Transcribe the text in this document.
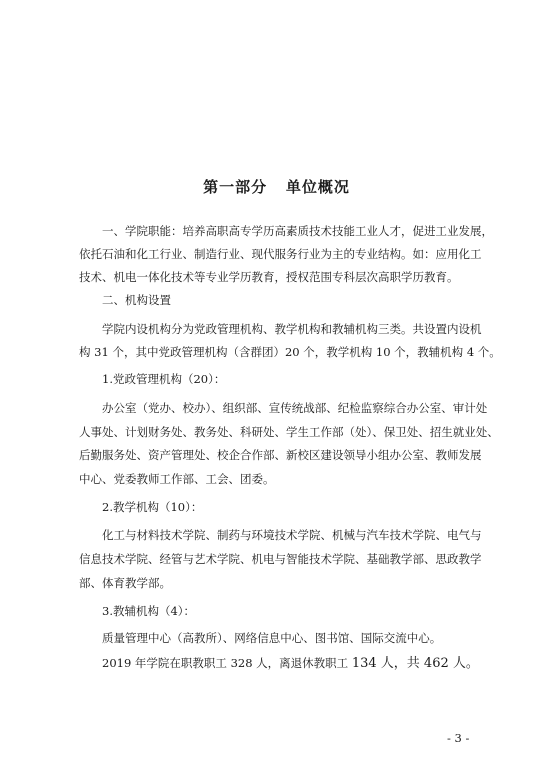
第一部分   单位概况
一、学院职能：培养高职高专学历高素质技术技能工业人才，促进工业发展，
依托石油和化工行业、制造行业、现代服务行业为主的专业结构。如：应用化工
技术、机电一体化技术等专业学历教育，授权范围专科层次高职学历教育。
二、机构设置
学院内设机构分为党政管理机构、教学机构和教辅机构三类。共设置内设机
构 31 个，其中党政管理机构（含群团）20 个，教学机构 10 个，教辅机构 4 个。
1.党政管理机构（20）：
办公室（党办、校办）、组织部、宣传统战部、纪检监察综合办公室、审计处
人事处、计划财务处、教务处、科研处、学生工作部（处）、保卫处、招生就业处、
后勤服务处、资产管理处、校企合作部、新校区建设领导小组办公室、教师发展
中心、党委教师工作部、工会、团委。
2.教学机构（10）：
化工与材料技术学院、制药与环境技术学院、机械与汽车技术学院、电气与
信息技术学院、经管与艺术学院、机电与智能技术学院、基础教学部、思政教学
部、体育教学部。
3.教辅机构（4）：
质量管理中心（高教所）、网络信息中心、图书馆、国际交流中心。
2019 年学院在职教职工 328 人，离退休教职工 134 人，共 462 人。
- 3 -
